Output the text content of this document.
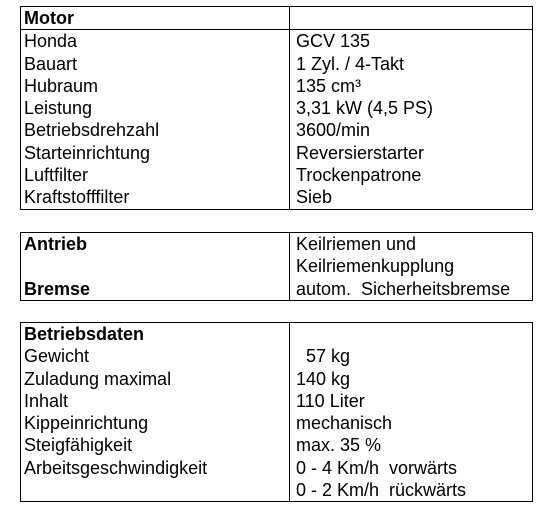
Motor	
Honda	GCV 135
Bauart	1 Zyl. / 4-Takt
Hubraum	135 cm³
Leistung	3,31 kW (4,5 PS)
Betriebsdrehzahl	3600/min
Starteinrichtung	Reversierstarter
Luftfilter	Trockenpatrone
Kraftstofffilter	Sieb
Antrieb	Keilriemen und
	Keilriemenkupplung
Bremse	autom.  Sicherheitsbremse
Betriebsdaten	
Gewicht	57 kg
Zuladung maximal	140 kg
Inhalt	110 Liter
Kippeinrichtung	mechanisch
Steigfähigkeit	max. 35 %
Arbeitsgeschwindigkeit	0 - 4 Km/h  vorwärts
	0 - 2 Km/h  rückwärts
